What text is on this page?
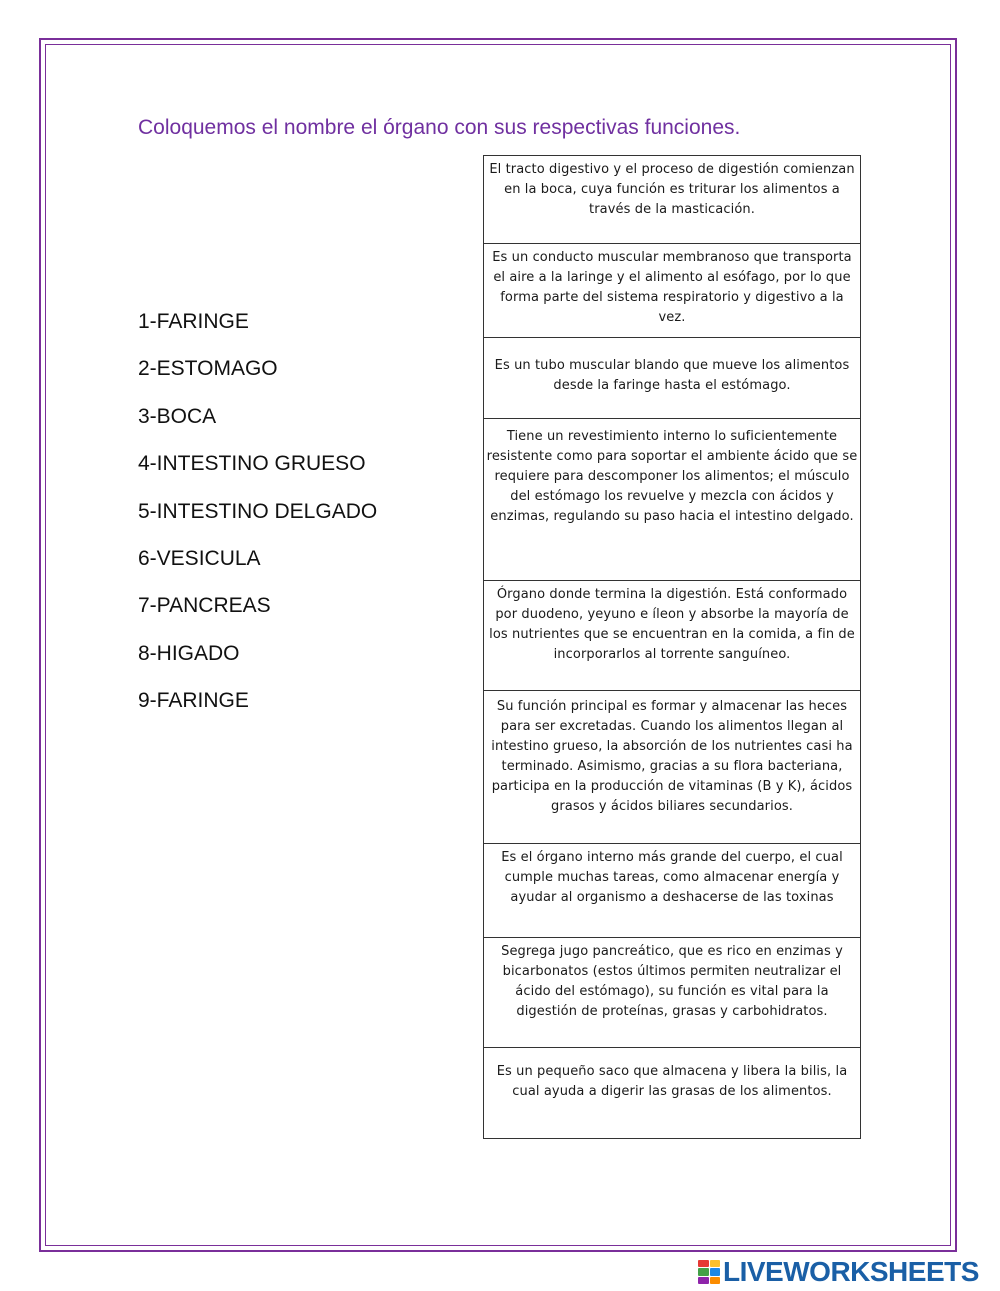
Coloquemos el nombre el órgano con sus respectivas funciones.
1-FARINGE
2-ESTOMAGO
3-BOCA
4-INTESTINO GRUESO
5-INTESTINO DELGADO
6-VESICULA
7-PANCREAS
8-HIGADO
9-FARINGE
El tracto digestivo y el proceso de digestión comienzan en la boca, cuya función es triturar los alimentos a través de la masticación.
Es un conducto muscular membranoso que transporta el aire a la laringe y el alimento al esófago, por lo que forma parte del sistema respiratorio y digestivo a la vez.
Es un tubo muscular blando que mueve los alimentos desde la faringe hasta el estómago.
Tiene un revestimiento interno lo suficientemente resistente como para soportar el ambiente ácido que se requiere para descomponer los alimentos; el músculo del estómago los revuelve y mezcla con ácidos y enzimas, regulando su paso hacia el intestino delgado.
Órgano donde termina la digestión. Está conformado por duodeno, yeyuno e íleon y absorbe la mayoría de los nutrientes que se encuentran en la comida, a fin de incorporarlos al torrente sanguíneo.
Su función principal es formar y almacenar las heces para ser excretadas. Cuando los alimentos llegan al intestino grueso, la absorción de los nutrientes casi ha terminado. Asimismo, gracias a su flora bacteriana, participa en la producción de vitaminas (B y K), ácidos grasos y ácidos biliares secundarios.
Es el órgano interno más grande del cuerpo, el cual cumple muchas tareas, como almacenar energía y ayudar al organismo a deshacerse de las toxinas
Segrega jugo pancreático, que es rico en enzimas y bicarbonatos (estos últimos permiten neutralizar el ácido del estómago), su función es vital para la digestión de proteínas, grasas y carbohidratos.
Es un pequeño saco que almacena y libera la bilis, la cual ayuda a digerir las grasas de los alimentos.
LIVEWORKSHEETS
